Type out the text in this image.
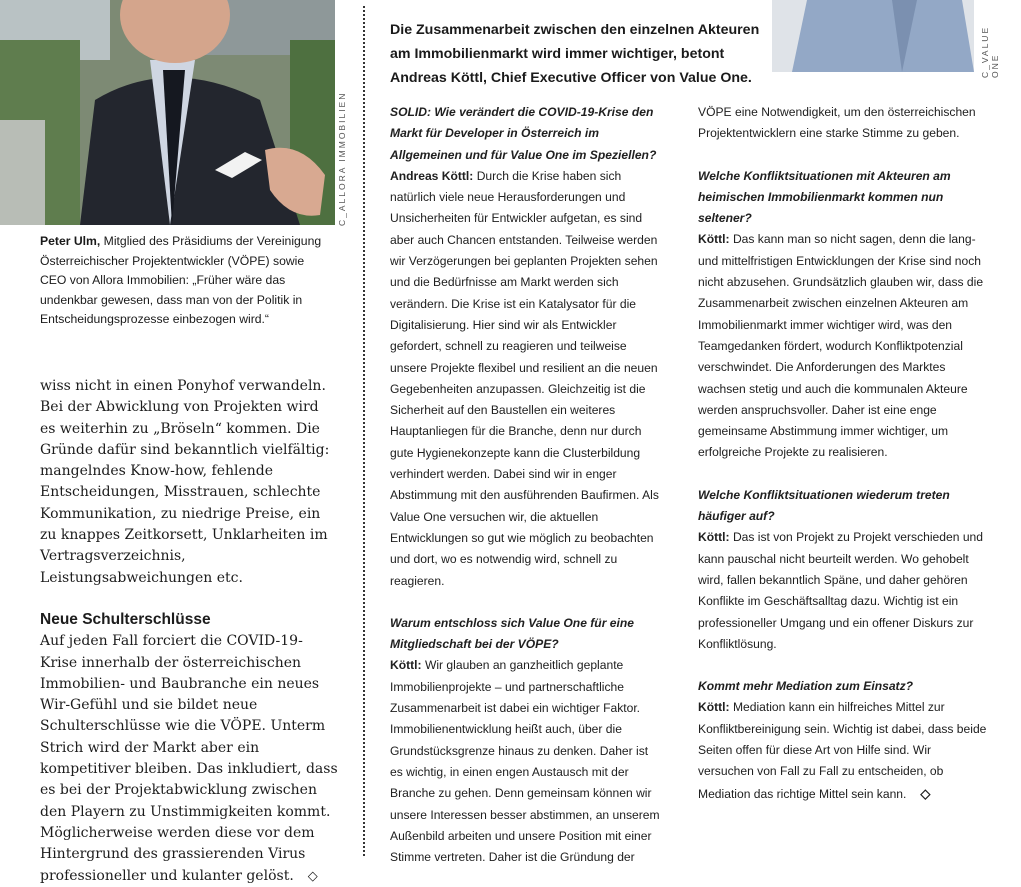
C_ALLORA IMMOBILIEN
C_VALUE ONE
Peter Ulm, Mitglied des Präsidiums der Vereinigung Österreichischer Projektentwickler (VÖPE) sowie CEO von Allora Immobilien: „Früher wäre das undenkbar gewesen, dass man von der Politik in Entscheidungsprozesse einbezogen wird.“

wiss nicht in einen Ponyhof verwandeln. Bei der Abwicklung von Projekten wird es weiterhin zu „Bröseln“ kommen. Die Gründe dafür sind bekanntlich vielfältig: mangelndes Know-how, fehlende Entscheidungen, Misstrauen, schlechte Kommunikation, zu niedrige Preise, ein zu knappes Zeitkorsett, Unklarheiten im Vertragsverzeichnis, Leistungsabweichungen etc.

Neue Schulterschlüsse

Auf jeden Fall forciert die COVID-19-Krise innerhalb der österreichischen Immobilien- und Baubranche ein neues Wir-Gefühl und sie bildet neue Schulterschlüsse wie die VÖPE. Unterm Strich wird der Markt aber ein kompetitiver bleiben. Das inkludiert, dass es bei der Projektabwicklung zwischen den Playern zu Unstimmigkeiten kommt. Möglicherweise werden diese vor dem Hintergrund des grassierenden Virus professioneller und kulanter gelöst. ◇

Die Zusammenarbeit zwischen den einzelnen Akteuren am Immobilienmarkt wird immer wichtiger, betont Andreas Köttl, Chief Executive Officer von Value One.

SOLID: Wie verändert die COVID-19-Krise den Markt für Developer in Österreich im Allgemeinen und für Value One im Speziellen?

Andreas Köttl: Durch die Krise haben sich natürlich viele neue Herausforderungen und Unsicherheiten für Entwickler aufgetan, es sind aber auch Chancen entstanden. Teilweise werden wir Verzögerungen bei geplanten Projekten sehen und die Bedürfnisse am Markt werden sich verändern. Die Krise ist ein Katalysator für die Digitalisierung. Hier sind wir als Entwickler gefordert, schnell zu reagieren und teilweise unsere Projekte flexibel und resilient an die neuen Gegebenheiten anzupassen. Gleichzeitig ist die Sicherheit auf den Baustellen ein weiteres Hauptanliegen für die Branche, denn nur durch gute Hygienekonzepte kann die Clusterbildung verhindert werden. Dabei sind wir in enger Abstimmung mit den ausführenden Baufirmen. Als Value One versuchen wir, die aktuellen Entwicklungen so gut wie möglich zu beobachten und dort, wo es notwendig wird, schnell zu reagieren.

Warum entschloss sich Value One für eine Mitgliedschaft bei der VÖPE?

Köttl: Wir glauben an ganzheitlich geplante Immobilienprojekte – und partnerschaftliche Zusammenarbeit ist dabei ein wichtiger Faktor. Immobilienentwicklung heißt auch, über die Grundstücksgrenze hinaus zu denken. Daher ist es wichtig, in einen engen Austausch mit der Branche zu gehen. Denn gemeinsam können wir unsere Interessen besser abstimmen, an unserem Außenbild arbeiten und unsere Position mit einer Stimme vertreten. Daher ist die Gründung der

VÖPE eine Notwendigkeit, um den österreichischen Projektentwicklern eine starke Stimme zu geben.

Welche Konfliktsituationen mit Akteuren am heimischen Immobilienmarkt kommen nun seltener?

Köttl: Das kann man so nicht sagen, denn die lang- und mittelfristigen Entwicklungen der Krise sind noch nicht abzusehen. Grundsätzlich glauben wir, dass die Zusammenarbeit zwischen einzelnen Akteuren am Immobilienmarkt immer wichtiger wird, was den Teamgedanken fördert, wodurch Konfliktpotenzial verschwindet. Die Anforderungen des Marktes wachsen stetig und auch die kommunalen Akteure werden anspruchsvoller. Daher ist eine enge gemeinsame Abstimmung immer wichtiger, um erfolgreiche Projekte zu realisieren.

Welche Konfliktsituationen wiederum treten häufiger auf?

Köttl: Das ist von Projekt zu Projekt verschieden und kann pauschal nicht beurteilt werden. Wo gehobelt wird, fallen bekanntlich Späne, und daher gehören Konflikte im Geschäftsalltag dazu. Wichtig ist ein professioneller Umgang und ein offener Diskurs zur Konfliktlösung.

Kommt mehr Mediation zum Einsatz?

Köttl: Mediation kann ein hilfreiches Mittel zur Konfliktbereinigung sein. Wichtig ist dabei, dass beide Seiten offen für diese Art von Hilfe sind. Wir versuchen von Fall zu Fall zu entscheiden, ob Mediation das richtige Mittel sein kann. ◇
